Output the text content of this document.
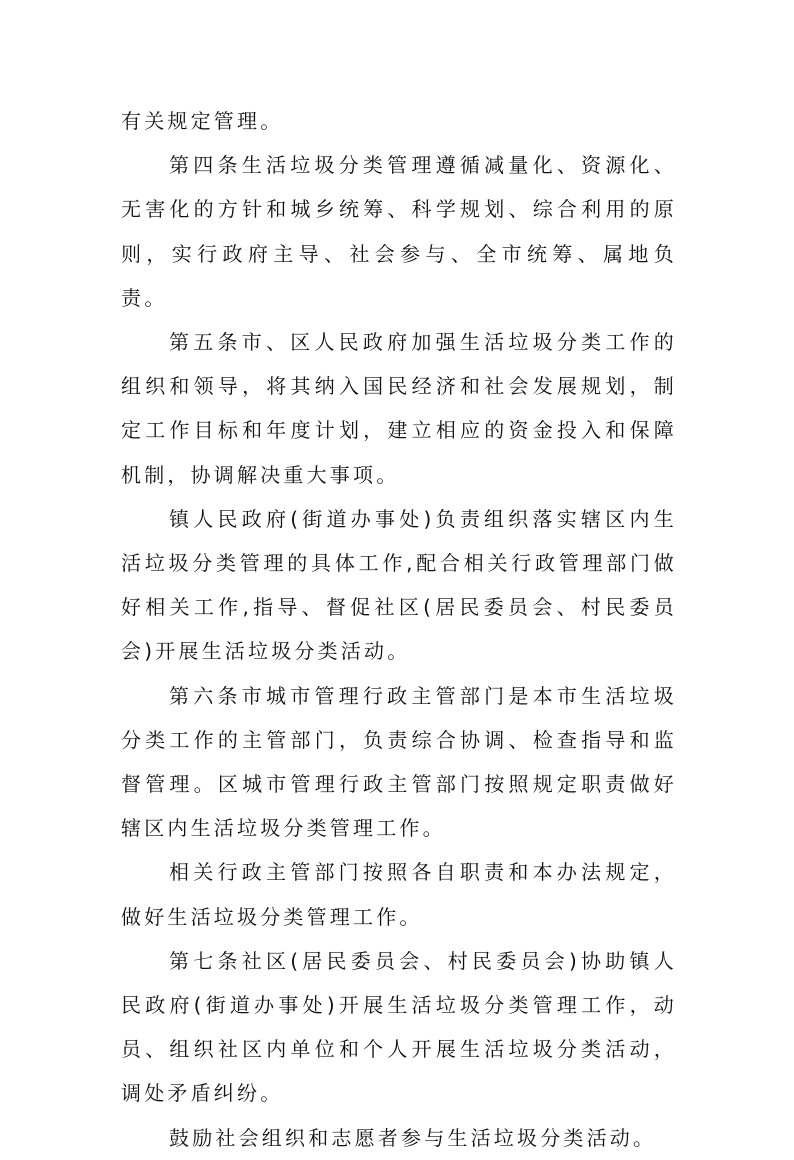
有关规定管理。

第四条生活垃圾分类管理遵循减量化、资源化、无害化的方针和城乡统筹、科学规划、综合利用的原则，实行政府主导、社会参与、全市统筹、属地负责。

第五条市、区人民政府加强生活垃圾分类工作的组织和领导，将其纳入国民经济和社会发展规划，制定工作目标和年度计划，建立相应的资金投入和保障机制，协调解决重大事项。

镇人民政府(街道办事处)负责组织落实辖区内生活垃圾分类管理的具体工作,配合相关行政管理部门做好相关工作,指导、督促社区(居民委员会、村民委员会)开展生活垃圾分类活动。

第六条市城市管理行政主管部门是本市生活垃圾分类工作的主管部门，负责综合协调、检查指导和监督管理。区城市管理行政主管部门按照规定职责做好辖区内生活垃圾分类管理工作。

相关行政主管部门按照各自职责和本办法规定，做好生活垃圾分类管理工作。

第七条社区(居民委员会、村民委员会)协助镇人民政府(街道办事处)开展生活垃圾分类管理工作，动员、组织社区内单位和个人开展生活垃圾分类活动，调处矛盾纠纷。

鼓励社会组织和志愿者参与生活垃圾分类活动。
